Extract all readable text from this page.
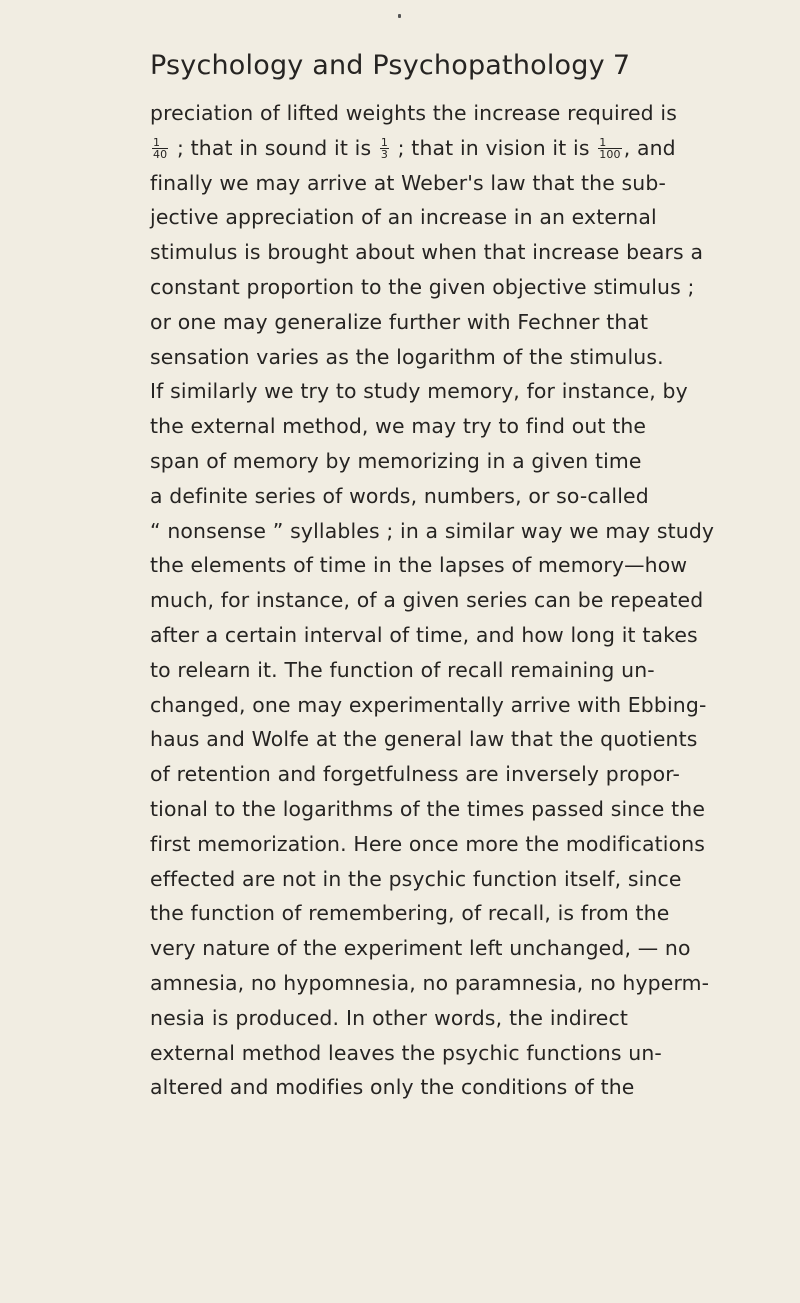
Psychology and Psychopathology 7
preciation of lifted weights the increase required is
$\frac{1}{40}$ ; that in sound it is $\frac{1}{3}$ ; that in vision it is $\frac{1}{100}$ , and
finally we may arrive at Weber's law that the sub-
jective appreciation of an increase in an external
stimulus is brought about when that increase bears a
constant proportion to the given objective stimulus ;
or one may generalize further with Fechner that
sensation varies as the logarithm of the stimulus.
If similarly we try to study memory, for instance, by
the external method, we may try to find out the
span of memory by memorizing in a given time
a definite series of words, numbers, or so-called
“ nonsense ” syllables ; in a similar way we may study
the elements of time in the lapses of memory—how
much, for instance, of a given series can be repeated
after a certain interval of time, and how long it takes
to relearn it. The function of recall remaining un-
changed, one may experimentally arrive with Ebbing-
haus and Wolfe at the general law that the quotients
of retention and forgetfulness are inversely propor-
tional to the logarithms of the times passed since the
first memorization. Here once more the modifications
effected are not in the psychic function itself, since
the function of remembering, of recall, is from the
very nature of the experiment left unchanged, — no
amnesia, no hypomnesia, no paramnesia, no hyperm-
nesia is produced. In other words, the indirect
external method leaves the psychic functions un-
altered and modifies only the conditions of the
